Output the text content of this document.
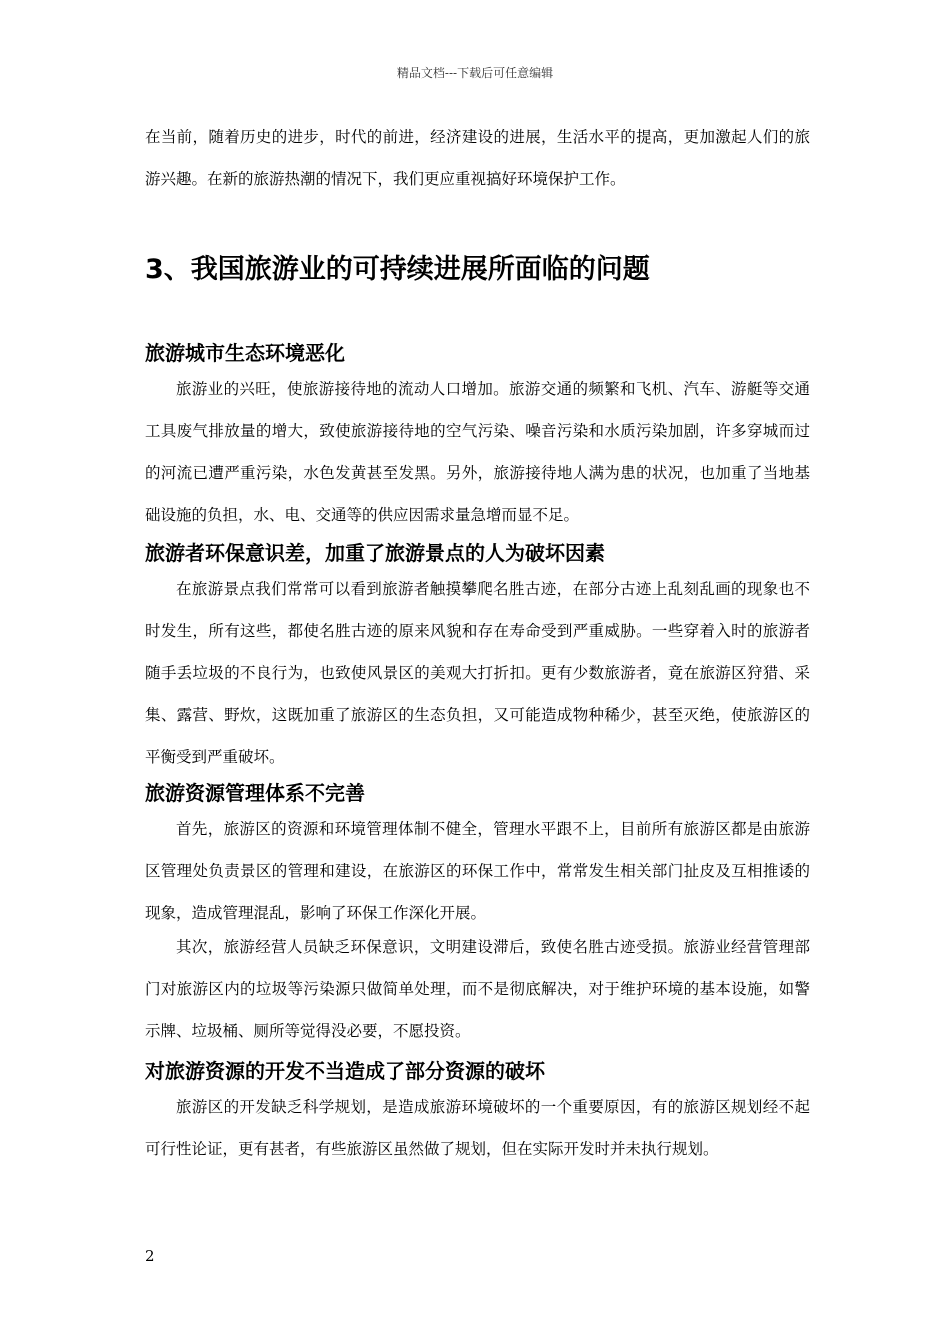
精品文档---下载后可任意编辑

在当前，随着历史的进步，时代的前进，经济建设的进展，生活水平的提高，更加激起人们的旅游兴趣。在新的旅游热潮的情况下，我们更应重视搞好环境保护工作。

3、我国旅游业的可持续进展所面临的问题
旅游城市生态环境恶化

旅游业的兴旺，使旅游接待地的流动人口增加。旅游交通的频繁和飞机、汽车、游艇等交通工具废气排放量的增大，致使旅游接待地的空气污染、噪音污染和水质污染加剧，许多穿城而过的河流已遭严重污染，水色发黄甚至发黑。另外，旅游接待地人满为患的状况，也加重了当地基础设施的负担，水、电、交通等的供应因需求量急增而显不足。

旅游者环保意识差，加重了旅游景点的人为破坏因素

在旅游景点我们常常可以看到旅游者触摸攀爬名胜古迹，在部分古迹上乱刻乱画的现象也不时发生，所有这些，都使名胜古迹的原来风貌和存在寿命受到严重威胁。一些穿着入时的旅游者随手丢垃圾的不良行为，也致使风景区的美观大打折扣。更有少数旅游者，竟在旅游区狩猎、采集、露营、野炊，这既加重了旅游区的生态负担，又可能造成物种稀少，甚至灭绝，使旅游区的平衡受到严重破坏。

旅游资源管理体系不完善

首先，旅游区的资源和环境管理体制不健全，管理水平跟不上，目前所有旅游区都是由旅游区管理处负责景区的管理和建设，在旅游区的环保工作中，常常发生相关部门扯皮及互相推诿的现象，造成管理混乱，影响了环保工作深化开展。

其次，旅游经营人员缺乏环保意识，文明建设滞后，致使名胜古迹受损。旅游业经营管理部门对旅游区内的垃圾等污染源只做简单处理，而不是彻底解决，对于维护环境的基本设施，如警示牌、垃圾桶、厕所等觉得没必要，不愿投资。

对旅游资源的开发不当造成了部分资源的破坏

旅游区的开发缺乏科学规划，是造成旅游环境破坏的一个重要原因，有的旅游区规划经不起可行性论证，更有甚者，有些旅游区虽然做了规划，但在实际开发时并未执行规划。

2
